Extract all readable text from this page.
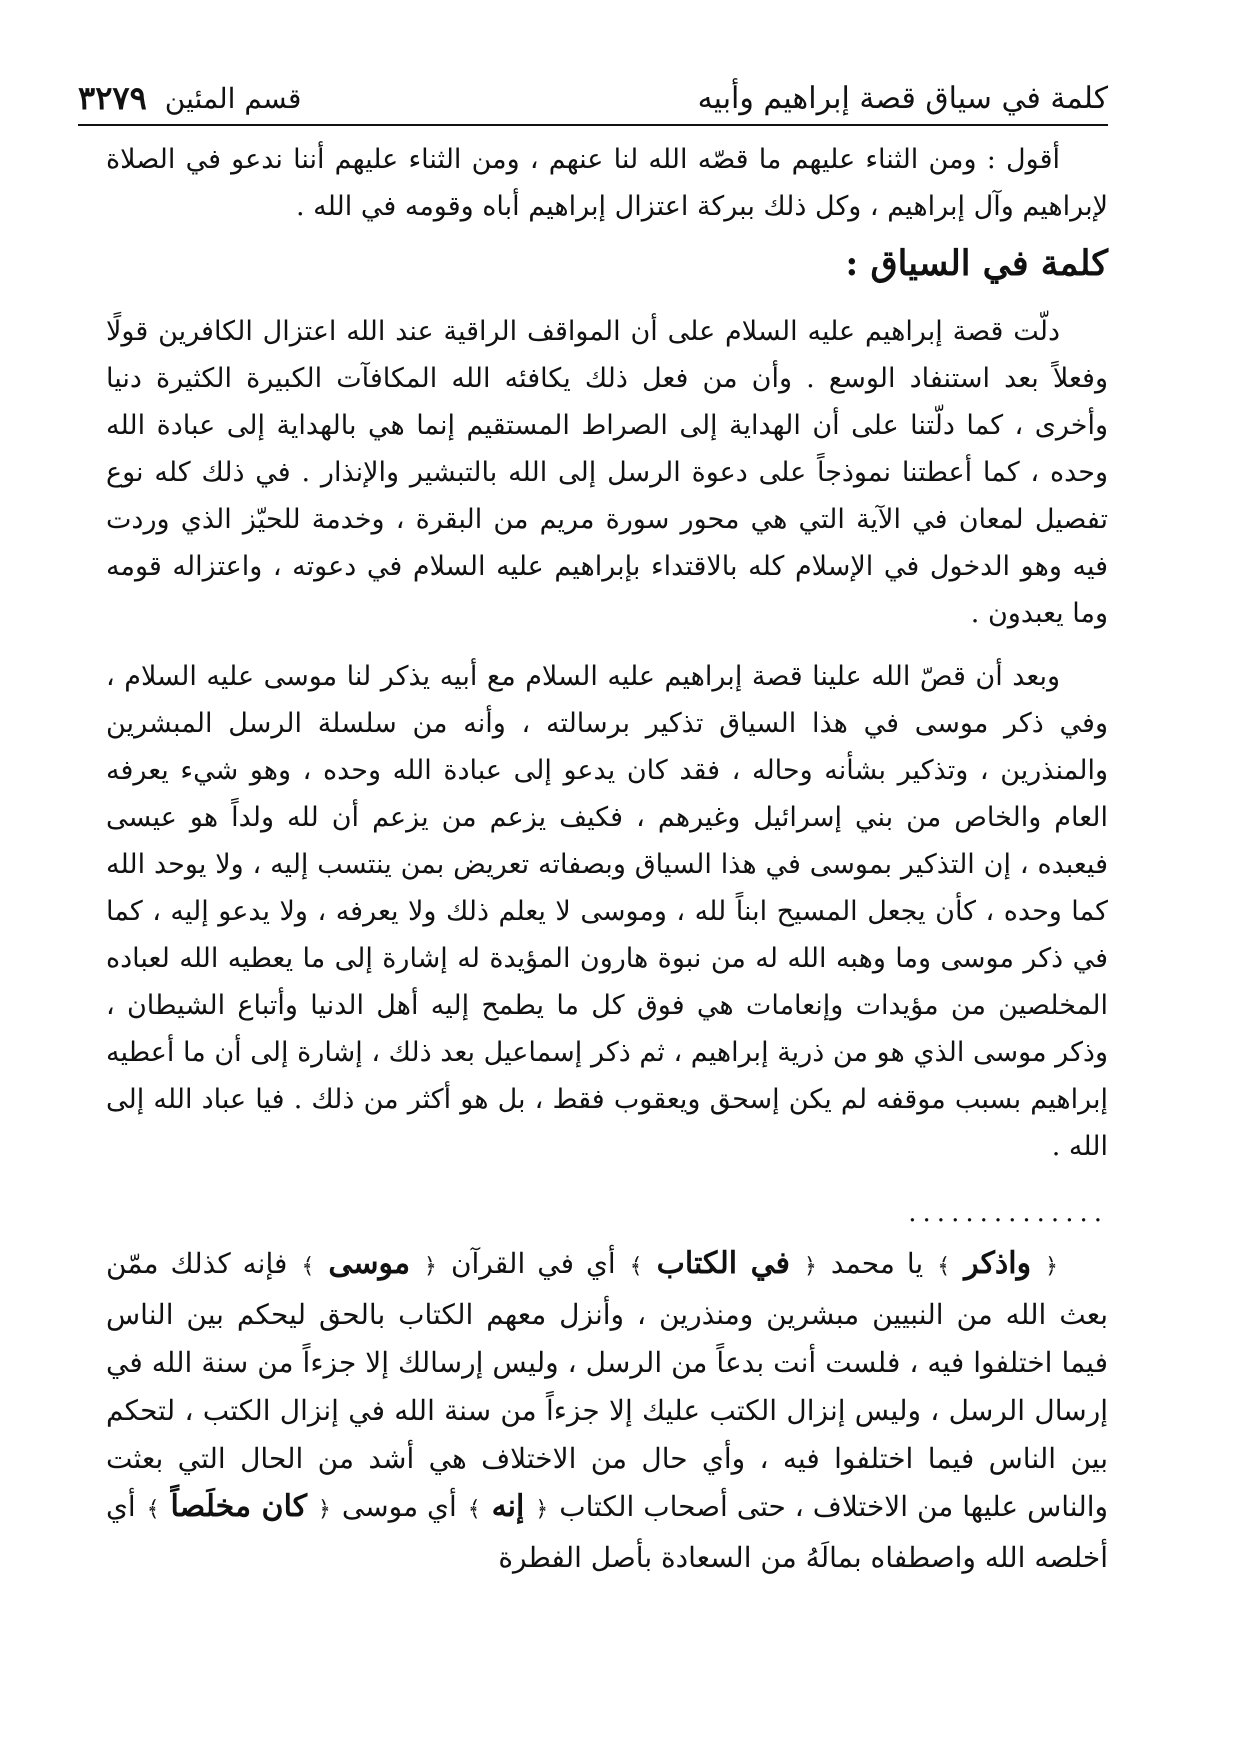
كلمة في سياق قصة إبراهيم وأبيه
قسم المئين
٣٢٧٩

أقول : ومن الثناء عليهم ما قصّه الله لنا عنهم ، ومن الثناء عليهم أننا ندعو في الصلاة لإبراهيم وآل إبراهيم ، وكل ذلك ببركة اعتزال إبراهيم أباه وقومه في الله .

كلمة في السياق :

دلّت قصة إبراهيم عليه السلام على أن المواقف الراقية عند الله اعتزال الكافرين قولًا وفعلاً بعد استنفاد الوسع . وأن من فعل ذلك يكافئه الله المكافآت الكبيرة الكثيرة دنيا وأخرى ، كما دلّتنا على أن الهداية إلى الصراط المستقيم إنما هي بالهداية إلى عبادة الله وحده ، كما أعطتنا نموذجاً على دعوة الرسل إلى الله بالتبشير والإنذار . في ذلك كله نوع تفصيل لمعان في الآية التي هي محور سورة مريم من البقرة ، وخدمة للحيّز الذي وردت فيه وهو الدخول في الإسلام كله بالاقتداء بإبراهيم عليه السلام في دعوته ، واعتزاله قومه وما يعبدون .

وبعد أن قصّ الله علينا قصة إبراهيم عليه السلام مع أبيه يذكر لنا موسى عليه السلام ، وفي ذكر موسى في هذا السياق تذكير برسالته ، وأنه من سلسلة الرسل المبشرين والمنذرين ، وتذكير بشأنه وحاله ، فقد كان يدعو إلى عبادة الله وحده ، وهو شيء يعرفه العام والخاص من بني إسرائيل وغيرهم ، فكيف يزعم من يزعم أن لله ولداً هو عيسى فيعبده ، إن التذكير بموسى في هذا السياق وبصفاته تعريض بمن ينتسب إليه ، ولا يوحد الله كما وحده ، كأن يجعل المسيح ابناً لله ، وموسى لا يعلم ذلك ولا يعرفه ، ولا يدعو إليه ، كما في ذكر موسى وما وهبه الله له من نبوة هارون المؤيدة له إشارة إلى ما يعطيه الله لعباده المخلصين من مؤيدات وإنعامات هي فوق كل ما يطمح إليه أهل الدنيا وأتباع الشيطان ، وذكر موسى الذي هو من ذرية إبراهيم ، ثم ذكر إسماعيل بعد ذلك ، إشارة إلى أن ما أعطيه إبراهيم بسبب موقفه لم يكن إسحق ويعقوب فقط ، بل هو أكثر من ذلك . فيا عباد الله إلى الله .

..............

﴿ واذكر ﴾ يا محمد ﴿ في الكتاب ﴾ أي في القرآن ﴿ موسى ﴾ فإنه كذلك ممّن بعث الله من النبيين مبشرين ومنذرين ، وأنزل معهم الكتاب بالحق ليحكم بين الناس فيما اختلفوا فيه ، فلست أنت بدعاً من الرسل ، وليس إرسالك إلا جزءاً من سنة الله في إرسال الرسل ، وليس إنزال الكتب عليك إلا جزءاً من سنة الله في إنزال الكتب ، لتحكم بين الناس فيما اختلفوا فيه ، وأي حال من الاختلاف هي أشد من الحال التي بعثت والناس عليها من الاختلاف ، حتى أصحاب الكتاب ﴿ إنه ﴾ أي موسى ﴿ كان مخلَصاً ﴾ أي أخلصه الله واصطفاه بمالَهُ من السعادة بأصل الفطرة
